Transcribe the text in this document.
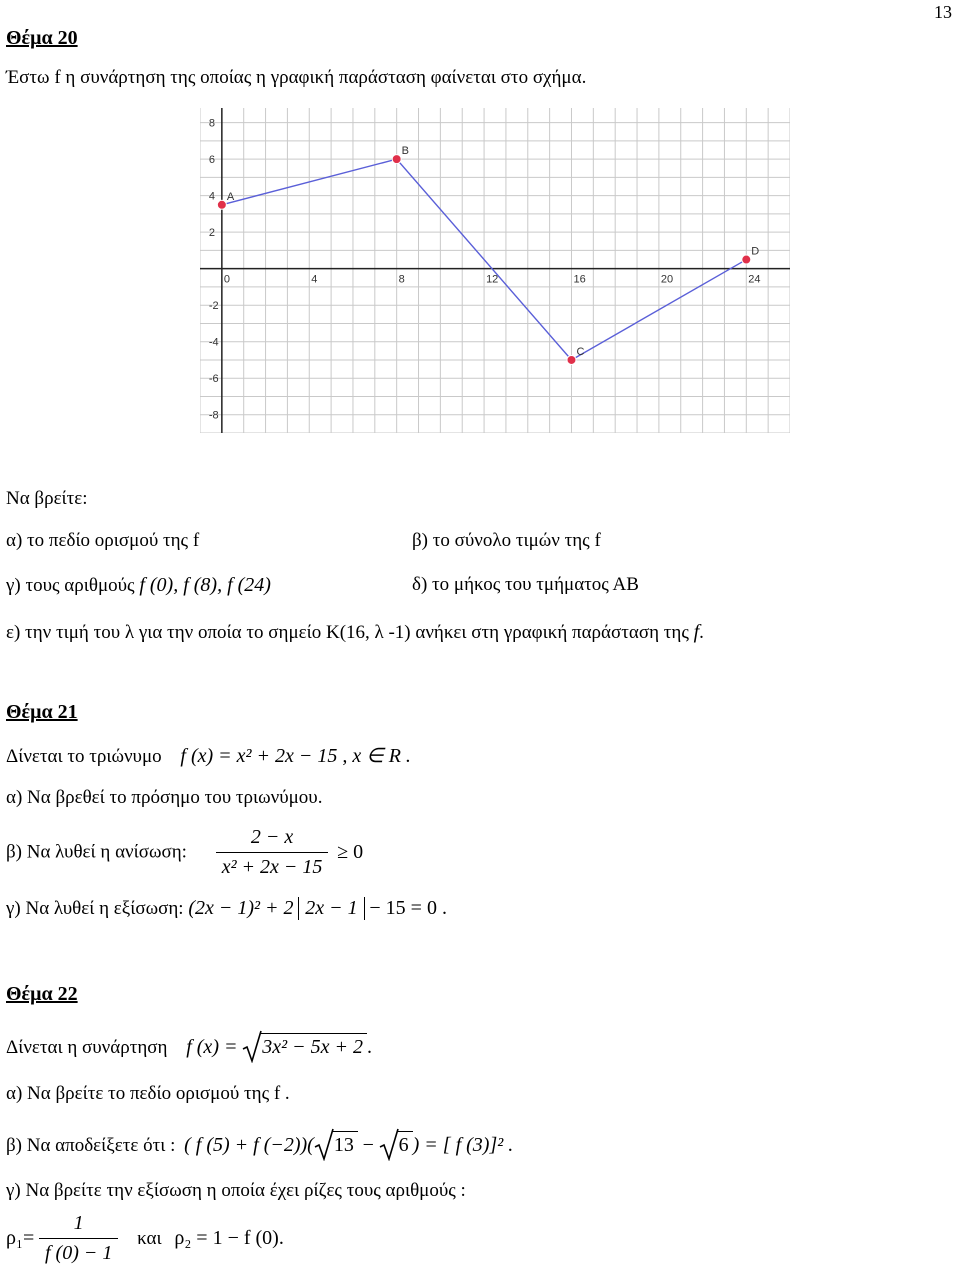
13
Θέμα 20
Έστω f η συνάρτηση της οποίας η γραφική παράσταση φαίνεται στο σχήμα.
0	4	8	12	16	20	24
8
6
4
2
-2
-4
-6
-8
A
B
C
D
Να βρείτε:
α) το πεδίο ορισμού της f	β) το σύνολο τιμών της f
γ) τους αριθμούς f (0), f (8), f (24)	δ) το μήκος του τμήματος ΑΒ
ε) την τιμή του λ για την οποία το σημείο Κ(16, λ -1) ανήκει στη γραφική παράσταση της f.
Θέμα 21
Δίνεται το τριώνυμο f (x) = x² + 2x − 15 , x ∈ R .
α) Να βρεθεί το πρόσημο του τριωνύμου.
β) Να λυθεί η ανίσωση: $\frac{2 - x}{\text{x² + 2x − 15}} \ge 0$
γ) Να λυθεί η εξίσωση: (2x − 1)² + 2 2x − 1 − 15 = 0 .
Θέμα 22
Δίνεται η συνάρτηση f (x) = 3x² − 5x + 2 .
α) Να βρείτε το πεδίο ορισμού της f .
β) Να αποδείξετε ότι : ( f (5) + f (−2))( 13 − 6 ) = [ f (3)]² .
γ) Να βρείτε την εξίσωση η οποία έχει ρίζες τους αριθμούς :
$\rho_1= \frac{1}{f (0) - 1}$ και ρ₂ = 1 − f (0).
